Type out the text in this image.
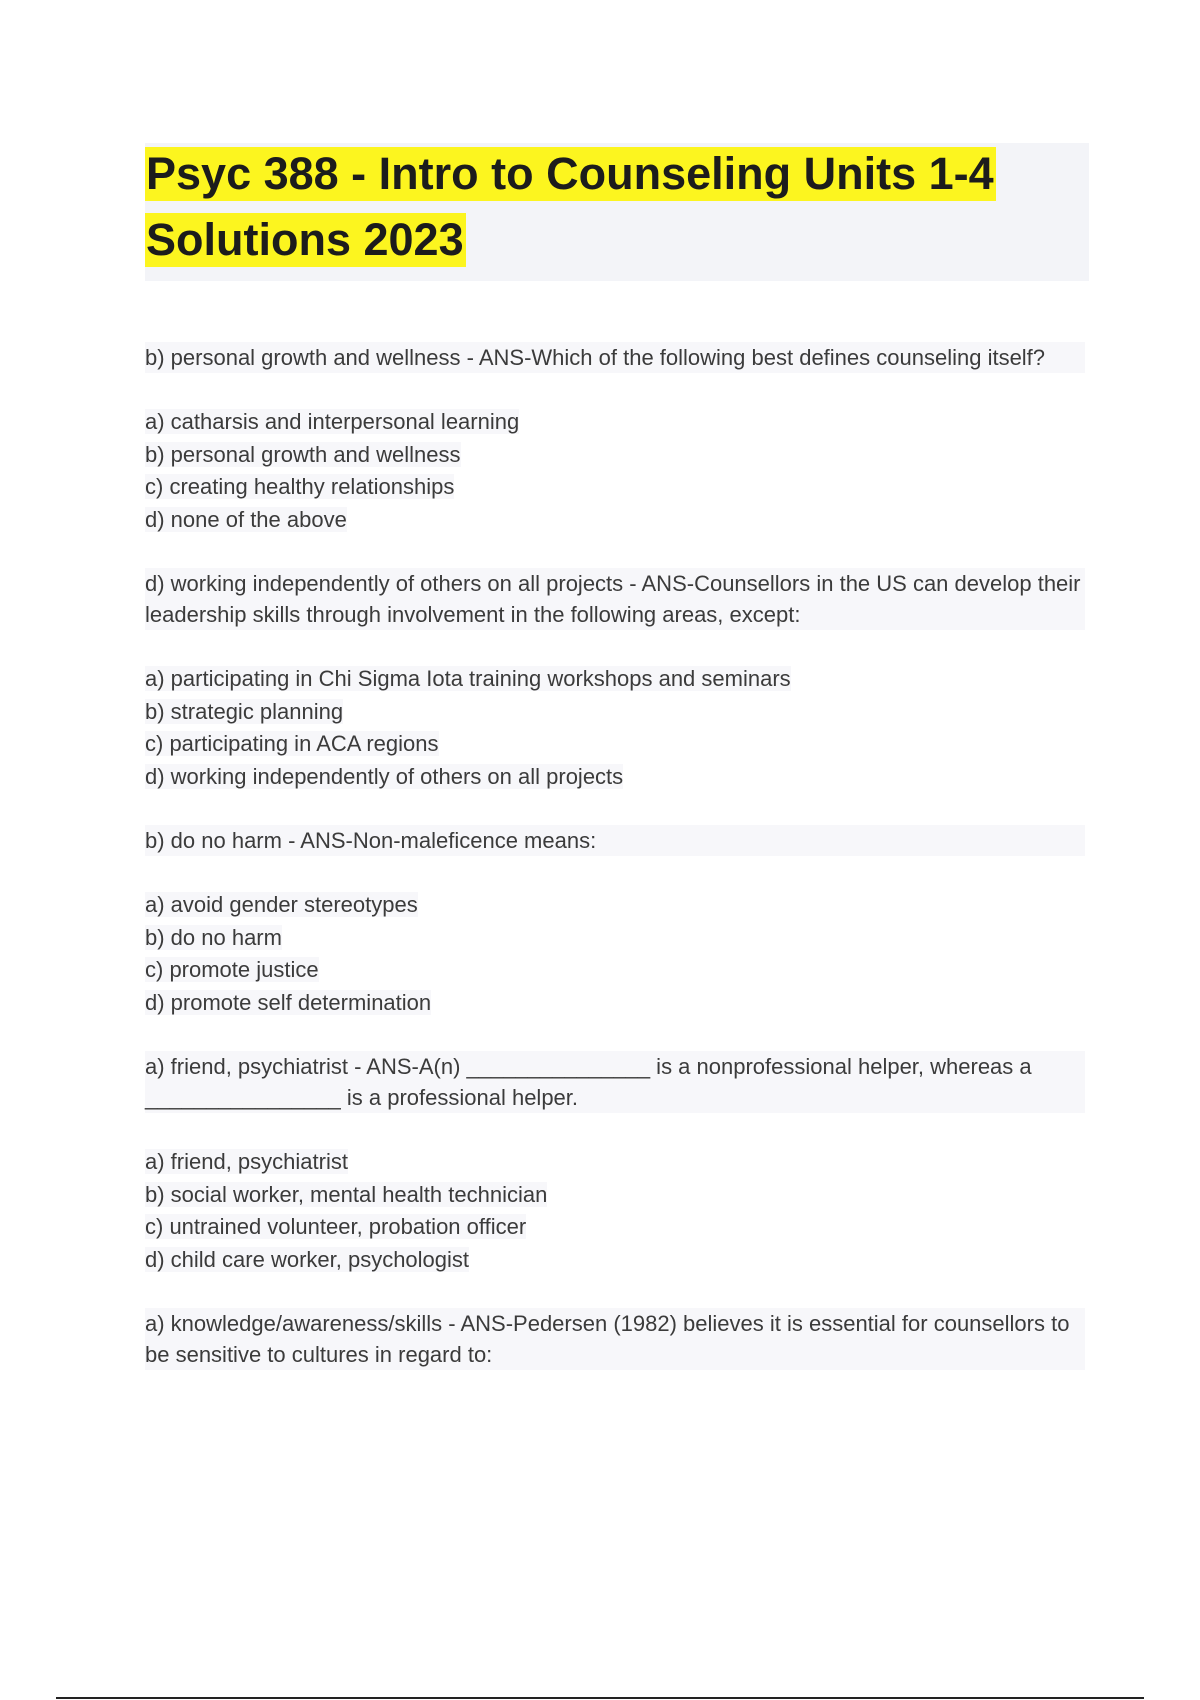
Psyc 388 - Intro to Counseling Units 1-4
Solutions 2023
b) personal growth and wellness - ANS-Which of the following best defines counseling itself?
a) catharsis and interpersonal learning
b) personal growth and wellness
c) creating healthy relationships
d) none of the above
d) working independently of others on all projects - ANS-Counsellors in the US can develop their leadership skills through involvement in the following areas, except:
a) participating in Chi Sigma Iota training workshops and seminars
b) strategic planning
c) participating in ACA regions
d) working independently of others on all projects
b) do no harm - ANS-Non-maleficence means:
a) avoid gender stereotypes
b) do no harm
c) promote justice
d) promote self determination
a) friend, psychiatrist - ANS-A(n) _______________ is a nonprofessional helper, whereas a ________________ is a professional helper.
a) friend, psychiatrist
b) social worker, mental health technician
c) untrained volunteer, probation officer
d) child care worker, psychologist
a) knowledge/awareness/skills - ANS-Pedersen (1982) believes it is essential for counsellors to be sensitive to cultures in regard to:
